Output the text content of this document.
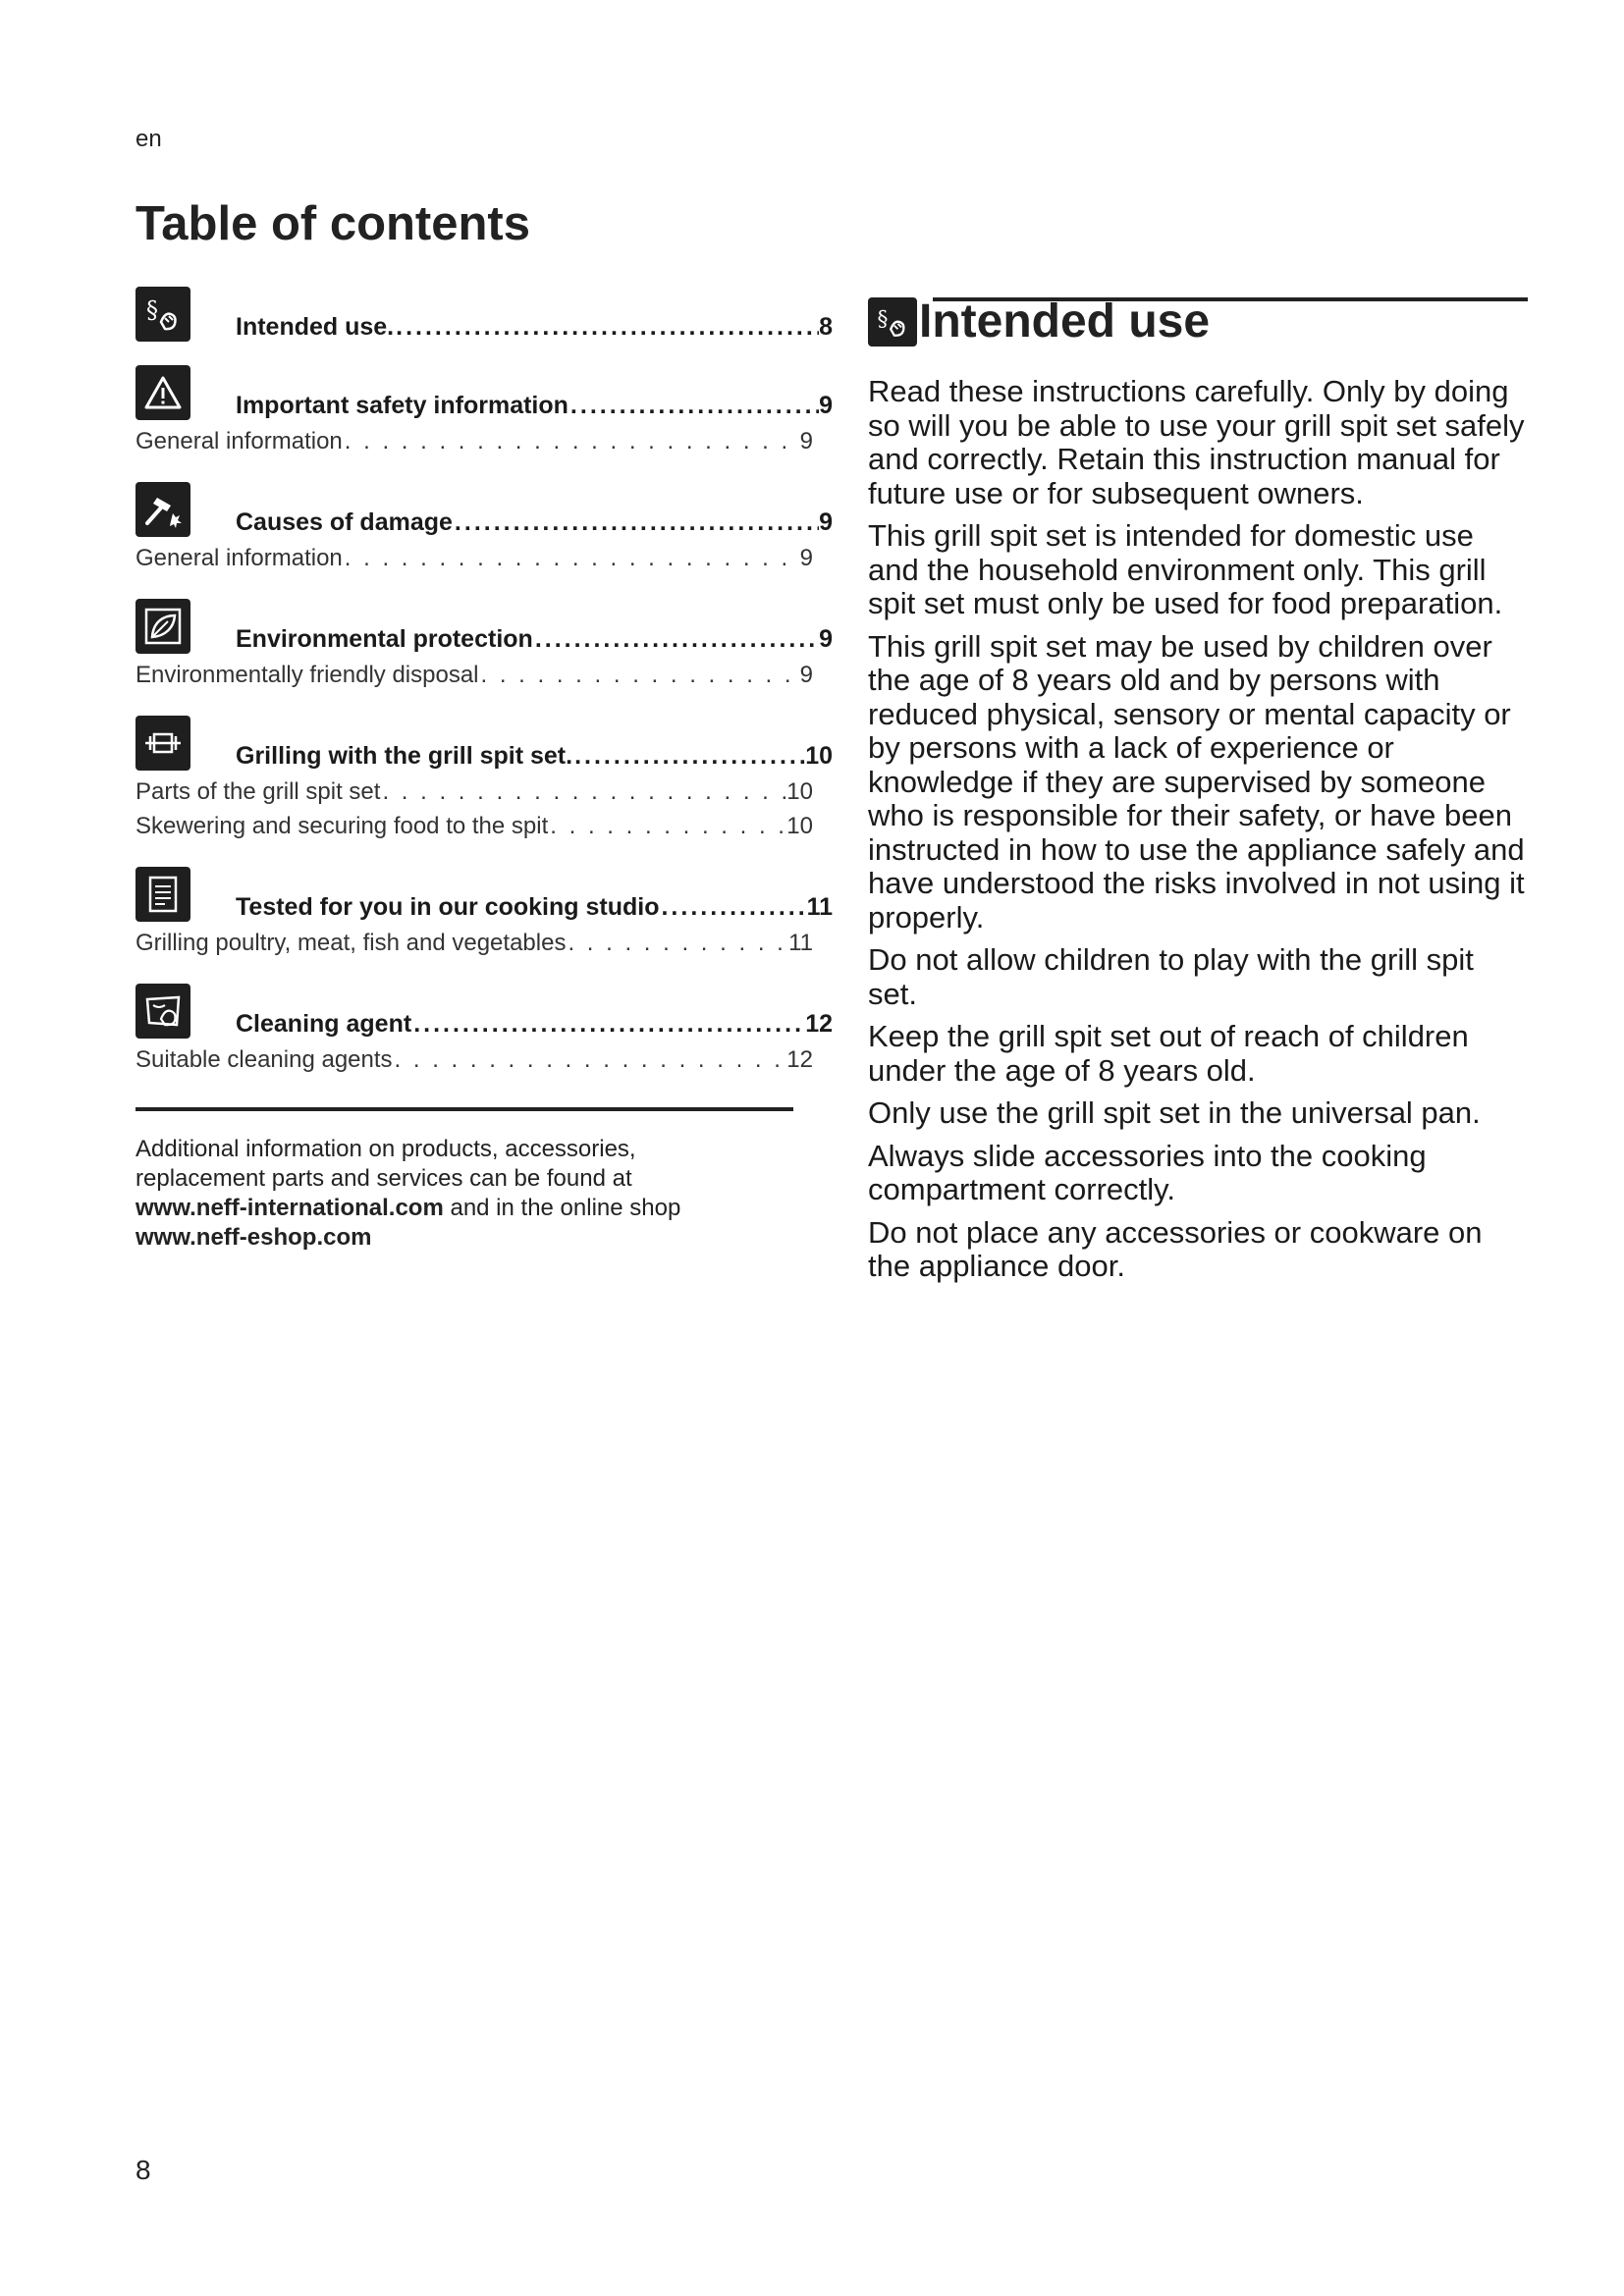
en
Table of contents
§
Intended use. .....	8
Important safety information .....	9
General information . . .	9
Causes of damage .....	9
General information . . .	9
Environmental protection .....	9
Environmentally friendly disposal . . .	9
Grilling with the grill spit set. .....	10
Parts of the grill spit set . . .	10
Skewering and securing food to the spit . . .	10
Tested for you in our cooking studio .....	11
Grilling poultry, meat, fish and vegetables . . .	11
Cleaning agent .....	12
Suitable cleaning agents . . .	12
Additional information on products, accessories,
replacement parts and services can be found at
www.neff-international.com and in the online shop
www.neff-eshop.com
§ Intended use

Read these instructions carefully. Only by doing so will you be able to use your grill spit set safely and correctly. Retain this instruction manual for future use or for subsequent owners.

This grill spit set is intended for domestic use and the household environment only. This grill spit set must only be used for food preparation.

This grill spit set may be used by children over the age of 8 years old and by persons with reduced physical, sensory or mental capacity or by persons with a lack of experience or knowledge if they are supervised by someone who is responsible for their safety, or have been instructed in how to use the appliance safely and have understood the risks involved in not using it properly.

Do not allow children to play with the grill spit set.

Keep the grill spit set out of reach of children under the age of 8 years old.

Only use the grill spit set in the universal pan.

Always slide accessories into the cooking compartment correctly.

Do not place any accessories or cookware on the appliance door.

8
